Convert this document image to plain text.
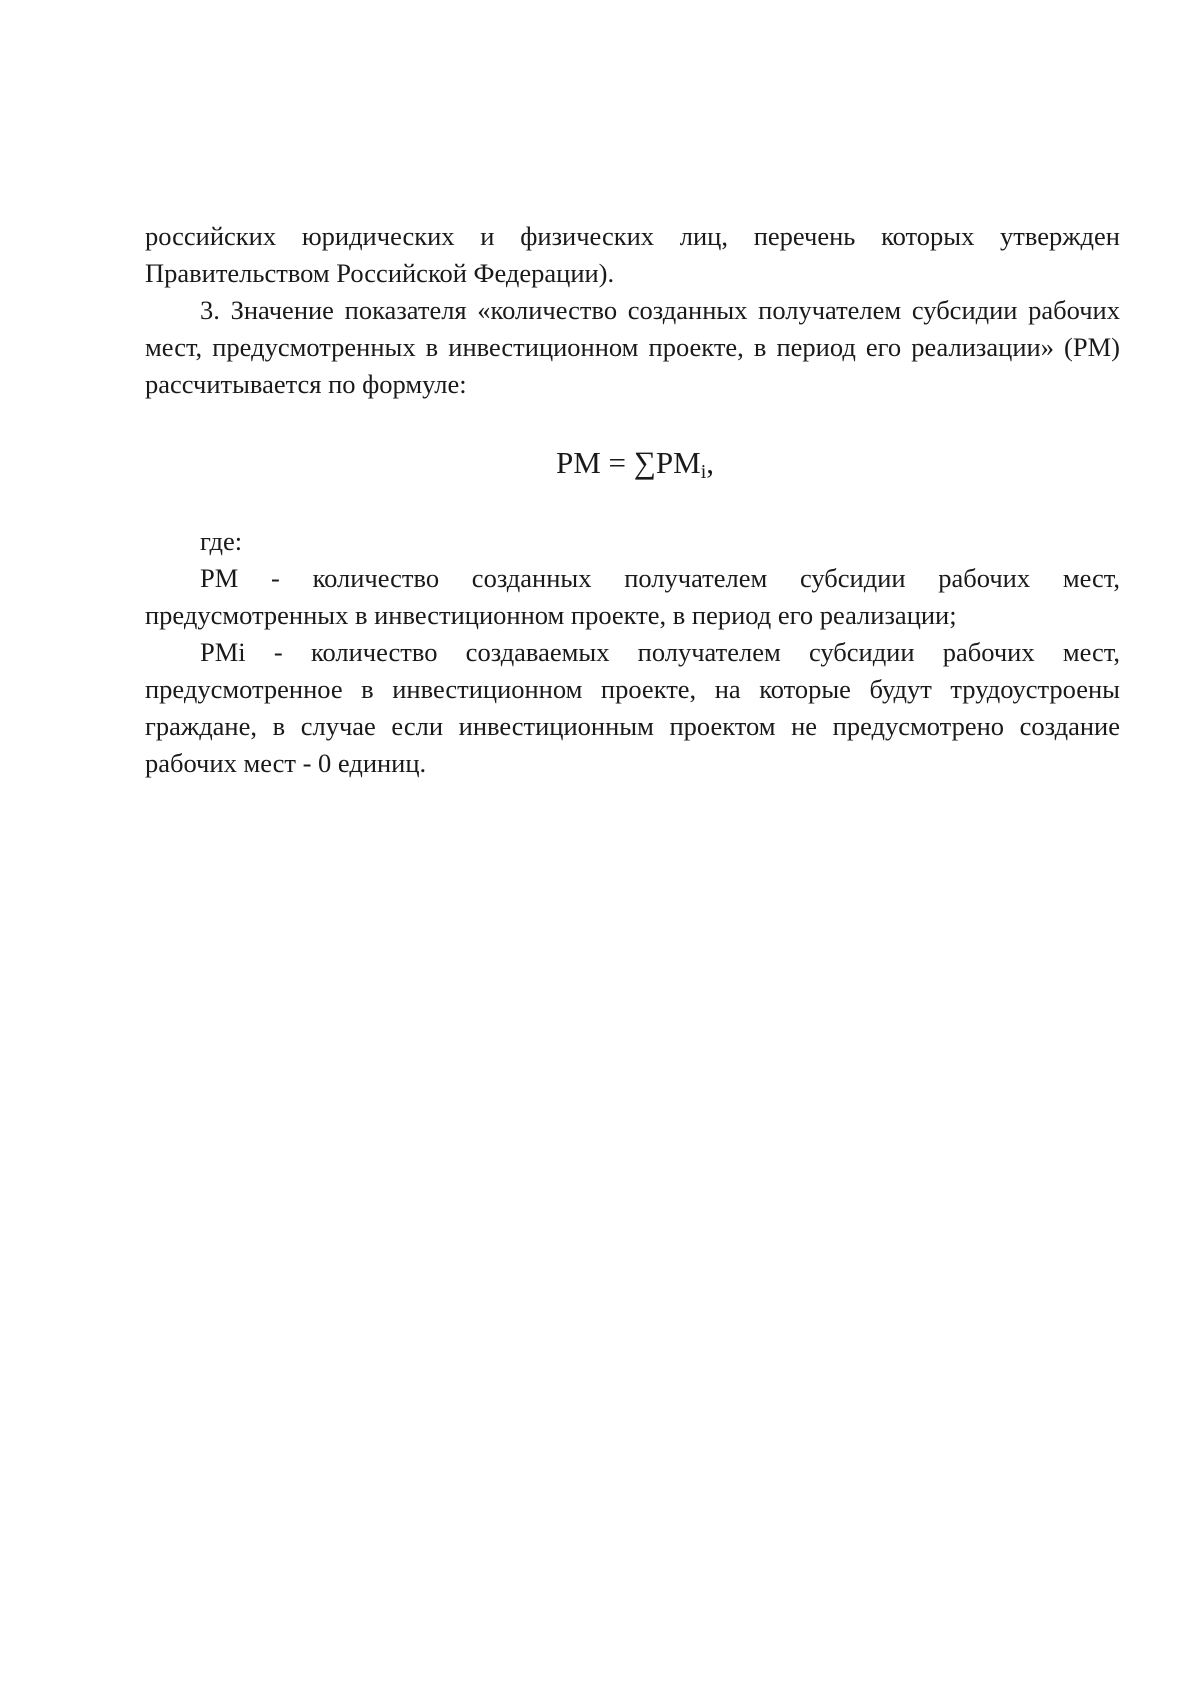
российских юридических и физических лиц, перечень которых утвержден Правительством Российской Федерации).

3. Значение показателя «количество созданных получателем субсидии рабочих мест, предусмотренных в инвестиционном проекте, в период его реализации» (РМ) рассчитывается по формуле:

РМ = $\sum РМ_i$,

где:

РМ - количество созданных получателем субсидии рабочих мест, предусмотренных в инвестиционном проекте, в период его реализации;

РМi - количество создаваемых получателем субсидии рабочих мест, предусмотренное в инвестиционном проекте, на которые будут трудоустроены граждане, в случае если инвестиционным проектом не предусмотрено создание рабочих мест - 0 единиц.
